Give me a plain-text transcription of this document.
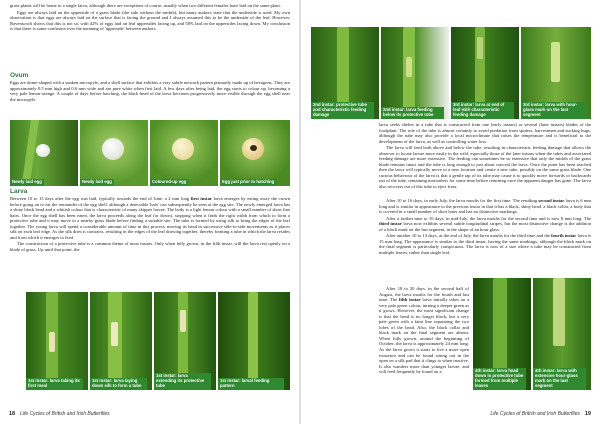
grass plants will be home to a single larva, although there are exceptions of course, usually when two different females have laid on the same plant.

Eggs are always laid on the upperside of a grass blade (the side without the midrib), but many authors state that the underside is used. My own observation is that eggs are always laid on the surface that is facing the ground and I always assumed this to be the underside of the leaf. However, Ravenscroft shows that this is not so, with 42% of eggs laid on leaf uppersides facing up, and 58% laid on the uppersides facing down. My conclusion is that there is some confusion over the meaning of 'upperside' between authors.

Ovum

Eggs are dome-shaped with a sunken micropyle, and a shell surface that exhibits a very subtle network pattern primarily made up of hexagons. They are approximately 0.5 mm high and 0.6 mm wide and are pure white when first laid. A few days after being laid, the egg starts to colour up, becoming a very pale lemon-orange. A couple of days before hatching, the black head of the larva becomes progressively more visible through the egg shell near the micropyle.

Newly laid egg	Newly laid egg	Coloured-up egg	Egg just prior to hatching
Larva

Between 10 to 15 days after the egg was laid, typically towards the end of June, a 2 mm long first instar larva emerges by eating away the crown before going on to eat the remainder of the egg shell, although a detectable 'halo' can subsequently be seen at the egg site. The newly emerged larva has a shiny black head and a whitish colour that is characteristic of many skipper larvae. The body is a light lemon colour with a small number of short fine hairs. Once the egg shell has been eaten, the larva proceeds along the leaf (or down), stopping when it finds the right width from which to form a protective tube and it may move to a nearby grass blade before finding a suitable site. The tube is formed by using silk to bring the edges of the leaf together. The young larva will spend a considerable amount of time in this process, moving its head in successive side-to-side movements as it places silk on each leaf edge. As the silk dries it contracts, resulting in the edges of the leaf drawing together, thereby forming a tube in which the larva resides and from which it emerges to feed.

The construction of a protective tube is a common theme of most instars. Only when fully grown, in the fifth instar, will the larva rest openly on a blade of grass. Up until that point, the

1st instar: larva taking its first meal
1st instar: larva laying down silk to form a tube
1st instar: larva extending its protective tube
1st instar: larval feeding pattern
18 Life Cycles of British and Irish Butterflies
2nd instar: protective tube and characteristic feeding damage
2nd instar: larva feeding below its protective tube
3rd instar: larva at end of leaf with characteristic feeding damage
3rd instar: larva with hour-glass mark on the last segment

larva seeks shelter in a tube that is constructed from one (early instars) or several (later instars) blades of the foodplant. The role of the tube is almost certainly to avoid predation from spiders, harvestmen and sucking bugs, although the tube may also provide a local microclimate that raises the temperature and is beneficial to the development of the larva, as well as controlling water loss.

The larva will feed both above and below the tube, resulting in characteristic feeding damage that allows the observer to locate larvae more easily in the wild, especially those of the later instars when the tubes and associated feeding damage are more extensive. The feeding can sometimes be so extensive that only the midrib of the grass blade remains intact and the tube is long enough to just about conceal the larva. Once the point has been reached then the larva will typically move to a new location and create a new tube, possibly on the same grass blade. One curious behaviour of the larva is that a gentle tap of its tube may cause it to quickly move forwards or backwards out of the tube, remaining motionless for some time before returning once the apparent danger has gone. The larva also recovers out of this tube to eject frass.

After 10 to 16 days, in early July, the larva moults for the first time. The resulting second instar larva is 6 mm long and is similar in appearance to the previous instar in that it has a black, shiny head, a black collar, a body that is covered in a small number of short hairs and has no distinctive markings.

After a further nine to 16 days, in mid-July, the larva moults for the second time and is now 8 mm long. The third instar larva now exhibits several subtle longitudinal stripes, but the most distinctive change is the addition of a black mark on the last segment, in the shape of an hour glass.

After another 10 to 13 days, at the end of July, the larva moults for the third time and the fourth instar larva is 15 mm long. The appearance is similar to the third instar, having the same markings, although the black mark on the final segment is particularly conspicuous. The larva is now of a size where a tube may be constructed from multiple leaves, rather than single leaf.

After 18 to 20 days, in the second half of August, the larva moults for the fourth and last time. The fifth instar larva initially takes on a very pale green colour, turning a deeper green as it grows. However, the most significant change is that the head is no longer black, but a very pale green with a faint line separating the two lobes of the head. Also, the black collar and black mark on the final segment are absent. When fully grown, around the beginning of October, the larva is approximately 24 mm long. As the larva grows it starts to live a more open existence and can be found sitting out in the open on a silk pad that it clings to when inactive. It also wanders more than younger larvae, and will feed frequently be found on a	4th instar: larva head down in protective tube formed from multiple leaves
4th instar: larva with extensive hour-glass mark on the last segment
Life Cycles of British and Irish Butterflies 19
